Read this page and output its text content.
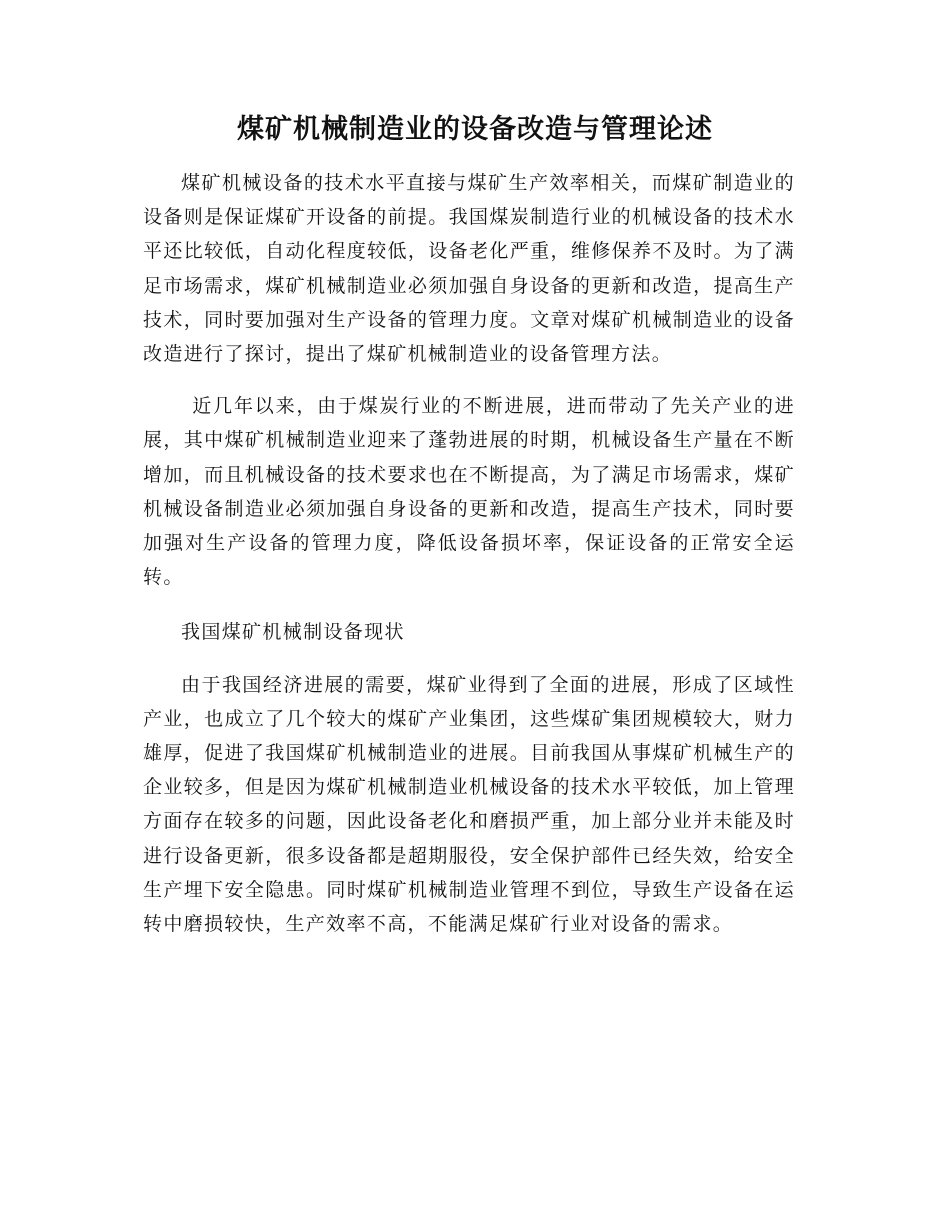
煤矿机械制造业的设备改造与管理论述

煤矿机械设备的技术水平直接与煤矿生产效率相关，而煤矿制造业的设备则是保证煤矿开设备的前提。我国煤炭制造行业的机械设备的技术水平还比较低，自动化程度较低，设备老化严重，维修保养不及时。为了满足市场需求，煤矿机械制造业必须加强自身设备的更新和改造，提高生产技术，同时要加强对生产设备的管理力度。文章对煤矿机械制造业的设备改造进行了探讨，提出了煤矿机械制造业的设备管理方法。

近几年以来，由于煤炭行业的不断进展，进而带动了先关产业的进展，其中煤矿机械制造业迎来了蓬勃进展的时期，机械设备生产量在不断增加，而且机械设备的技术要求也在不断提高，为了满足市场需求，煤矿机械设备制造业必须加强自身设备的更新和改造，提高生产技术，同时要加强对生产设备的管理力度，降低设备损坏率，保证设备的正常安全运转。

我国煤矿机械制设备现状

由于我国经济进展的需要，煤矿业得到了全面的进展，形成了区域性产业，也成立了几个较大的煤矿产业集团，这些煤矿集团规模较大，财力雄厚，促进了我国煤矿机械制造业的进展。目前我国从事煤矿机械生产的企业较多，但是因为煤矿机械制造业机械设备的技术水平较低，加上管理方面存在较多的问题，因此设备老化和磨损严重，加上部分业并未能及时进行设备更新，很多设备都是超期服役，安全保护部件已经失效，给安全生产埋下安全隐患。同时煤矿机械制造业管理不到位，导致生产设备在运转中磨损较快，生产效率不高，不能满足煤矿行业对设备的需求。
